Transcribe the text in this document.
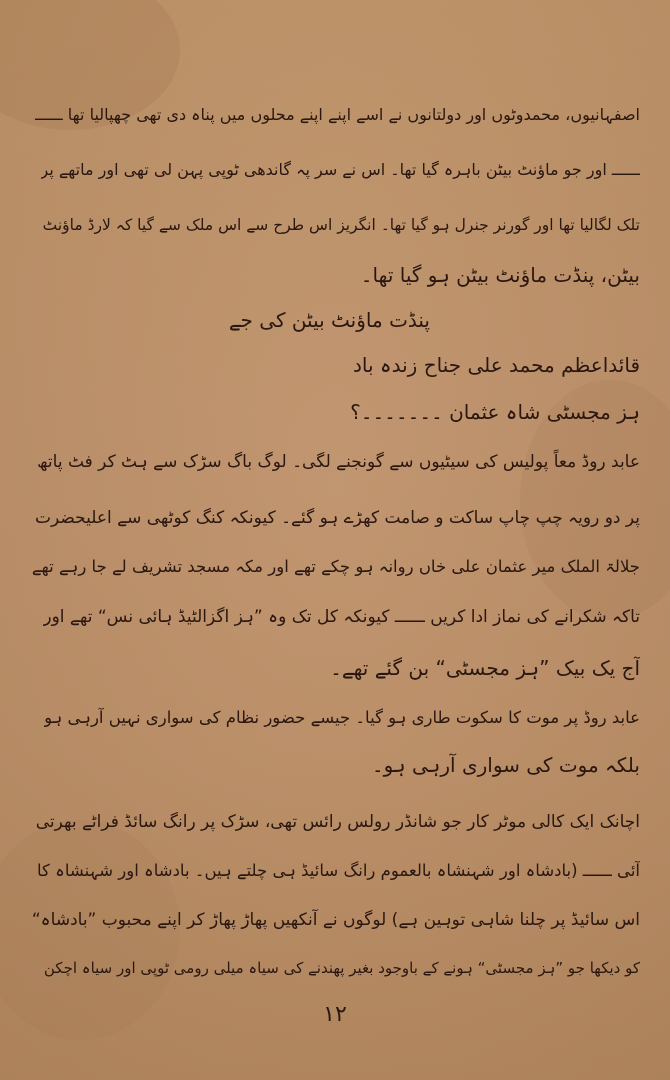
اصفہانیوں، محمدوٹوں اور دولتانوں نے اسے اپنے اپنے محلوں میں پناہ دی تھی چھپالیا تھا ــــــ
ــــــ اور جو ماؤنٹ بیٹن باہرہ گیا تھا۔ اس نے سر پہ گاندھی ٹوپی پہن لی تھی اور ماتھے پر
تلک لگالیا تھا اور گورنر جنرل ہو گیا تھا۔ انگریز اس طرح سے اس ملک سے گیا کہ لارڈ ماؤنٹ
بیٹن، پنڈت ماؤنٹ بیٹن ہو گیا تھا۔
پنڈت ماؤنٹ بیٹن کی جے
قائداعظم محمد علی جناح زندہ باد
ہز مجسٹی شاہ عثمان ۔۔۔۔۔۔۔؟
عابد روڈ معاً پولیس کی سیٹیوں سے گونجنے لگی۔ لوگ باگ سڑک سے ہٹ کر فٹ پاتھ
پر دو رویہ چپ چاپ ساکت و صامت کھڑے ہو گئے۔ کیونکہ کنگ کوٹھی سے اعلیحضرت
جلالۃ الملک میر عثمان علی خاں روانہ ہو چکے تھے اور مکہ مسجد تشریف لے جا رہے تھے
تاکہ شکرانے کی نماز ادا کریں ــــــ کیونکہ کل تک وہ ”ہز اگزالٹیڈ ہائی نس“ تھے اور
آج یک بیک ”ہز مجسٹی“ بن گئے تھے۔
عابد روڈ پر موت کا سکوت طاری ہو گیا۔ جیسے حضور نظام کی سواری نہیں آرہی ہو
بلکہ موت کی سواری آرہی ہو۔
اچانک ایک کالی موٹر کار جو شانڈر رولس رائس تھی، سڑک پر رانگ سائڈ فراٹے بھرتی
آئی ــــــ (بادشاہ اور شہنشاہ بالعموم رانگ سائیڈ ہی چلتے ہیں۔ بادشاہ اور شہنشاہ کا
اس سائیڈ پر چلنا شاہی توہین ہے) لوگوں نے آنکھیں پھاڑ پھاڑ کر اپنے محبوب ”بادشاہ“
کو دیکھا جو ”ہز مجسٹی“ ہونے کے باوجود بغیر پھندنے کی سیاہ میلی رومی ٹوپی اور سیاہ اچکن
۱۲
